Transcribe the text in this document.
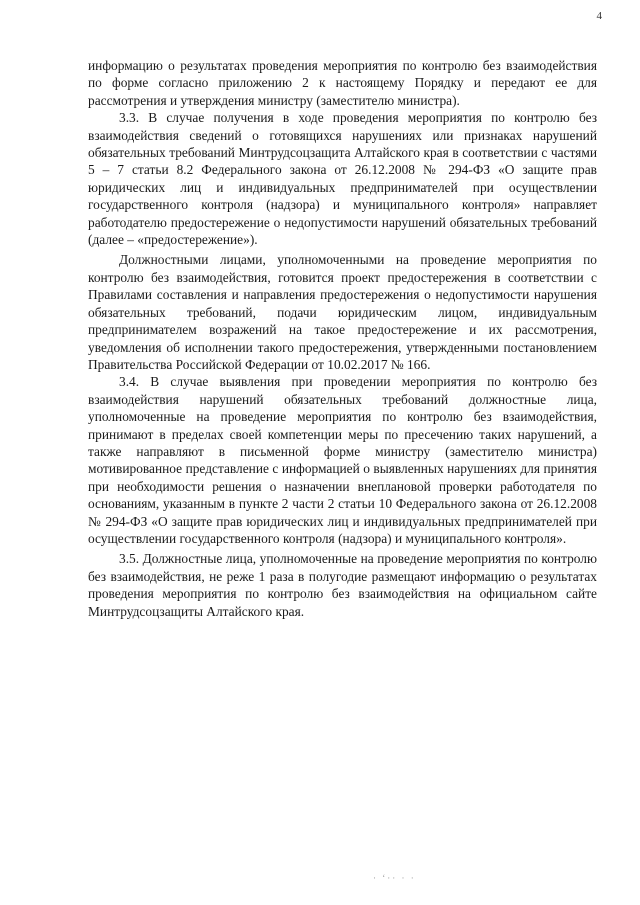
4

информацию о результатах проведения мероприятия по контролю без взаимодействия по форме согласно приложению 2 к настоящему Порядку и передают ее для рассмотрения и утверждения министру (заместителю министра).

3.3. В случае получения в ходе проведения мероприятия по контролю без взаимодействия сведений о готовящихся нарушениях или признаках нарушений обязательных требований Минтрудсоцзащита Алтайского края в соответствии с частями 5 – 7 статьи 8.2 Федерального закона от 26.12.2008 № 294-ФЗ «О защите прав юридических лиц и индивидуальных предпринимателей при осуществлении государственного контроля (надзора) и муниципального контроля» направляет работодателю предостережение о недопустимости нарушений обязательных требований (далее – «предостережение»).

Должностными лицами, уполномоченными на проведение мероприятия по контролю без взаимодействия, готовится проект предостережения в соответствии с Правилами составления и направления предостережения о недопустимости нарушения обязательных требований, подачи юридическим лицом, индивидуальным предпринимателем возражений на такое предостережение и их рассмотрения, уведомления об исполнении такого предостережения, утвержденными постановлением Правительства Российской Федерации от 10.02.2017 № 166.

3.4. В случае выявления при проведении мероприятия по контролю без взаимодействия нарушений обязательных требований должностные лица, уполномоченные на проведение мероприятия по контролю без взаимодействия, принимают в пределах своей компетенции меры по пресечению таких нарушений, а также направляют в письменной форме министру (заместителю министра) мотивированное представление с информацией о выявленных нарушениях для принятия при необходимости решения о назначении внеплановой проверки работодателя по основаниям, указанным в пункте 2 части 2 статьи 10 Федерального закона от 26.12.2008 № 294-ФЗ «О защите прав юридических лиц и индивидуальных предпринимателей при осуществлении государственного контроля (надзора) и муниципального контроля».

3.5. Должностные лица, уполномоченные на проведение мероприятия по контролю без взаимодействия, не реже 1 раза в полугодие размещают информацию о результатах проведения мероприятия по контролю без взаимодействия на официальном сайте Минтрудсоцзащиты Алтайского края.

· ‘·· · ·
